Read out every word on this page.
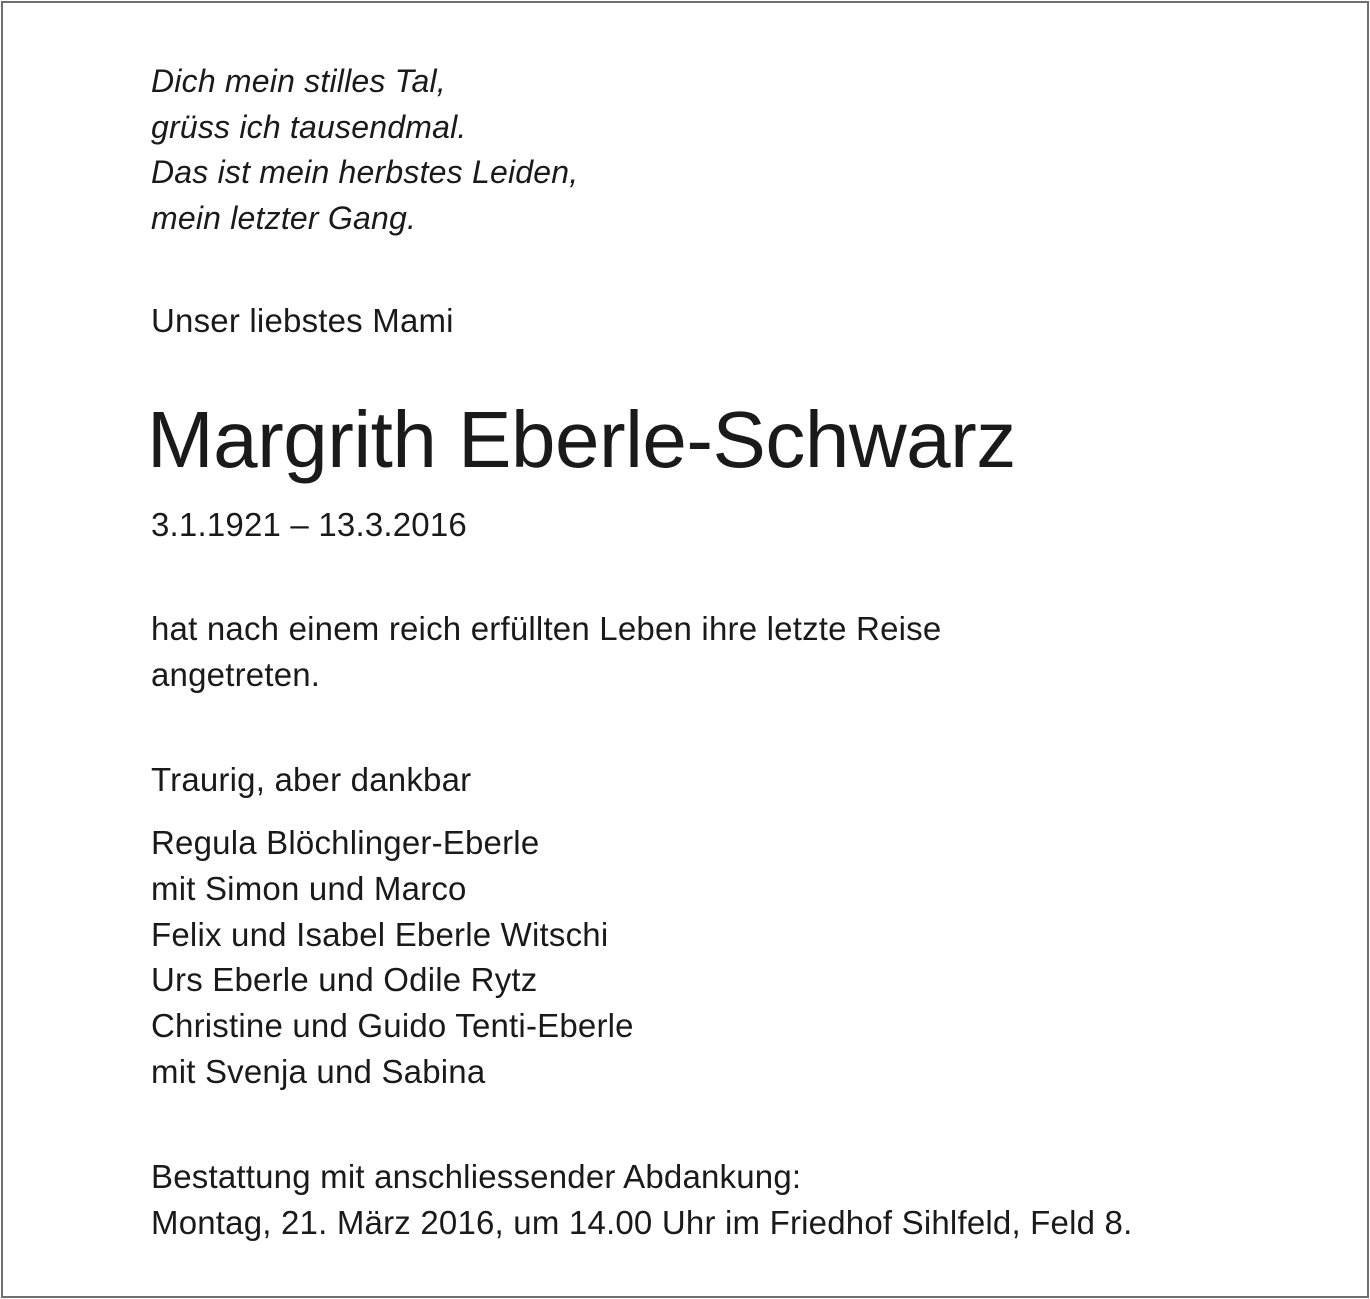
Dich mein stilles Tal,
grüss ich tausendmal.
Das ist mein herbstes Leiden,
mein letzter Gang.
Unser liebstes Mami
Margrith Eberle-Schwarz
3.1.1921 – 13.3.2016
hat nach einem reich erfüllten Leben ihre letzte Reise
angetreten.
Traurig, aber dankbar
Regula Blöchlinger-Eberle
mit Simon und Marco
Felix und Isabel Eberle Witschi
Urs Eberle und Odile Rytz
Christine und Guido Tenti-Eberle
mit Svenja und Sabina
Bestattung mit anschliessender Abdankung:
Montag, 21. März 2016, um 14.00 Uhr im Friedhof Sihlfeld, Feld 8.
